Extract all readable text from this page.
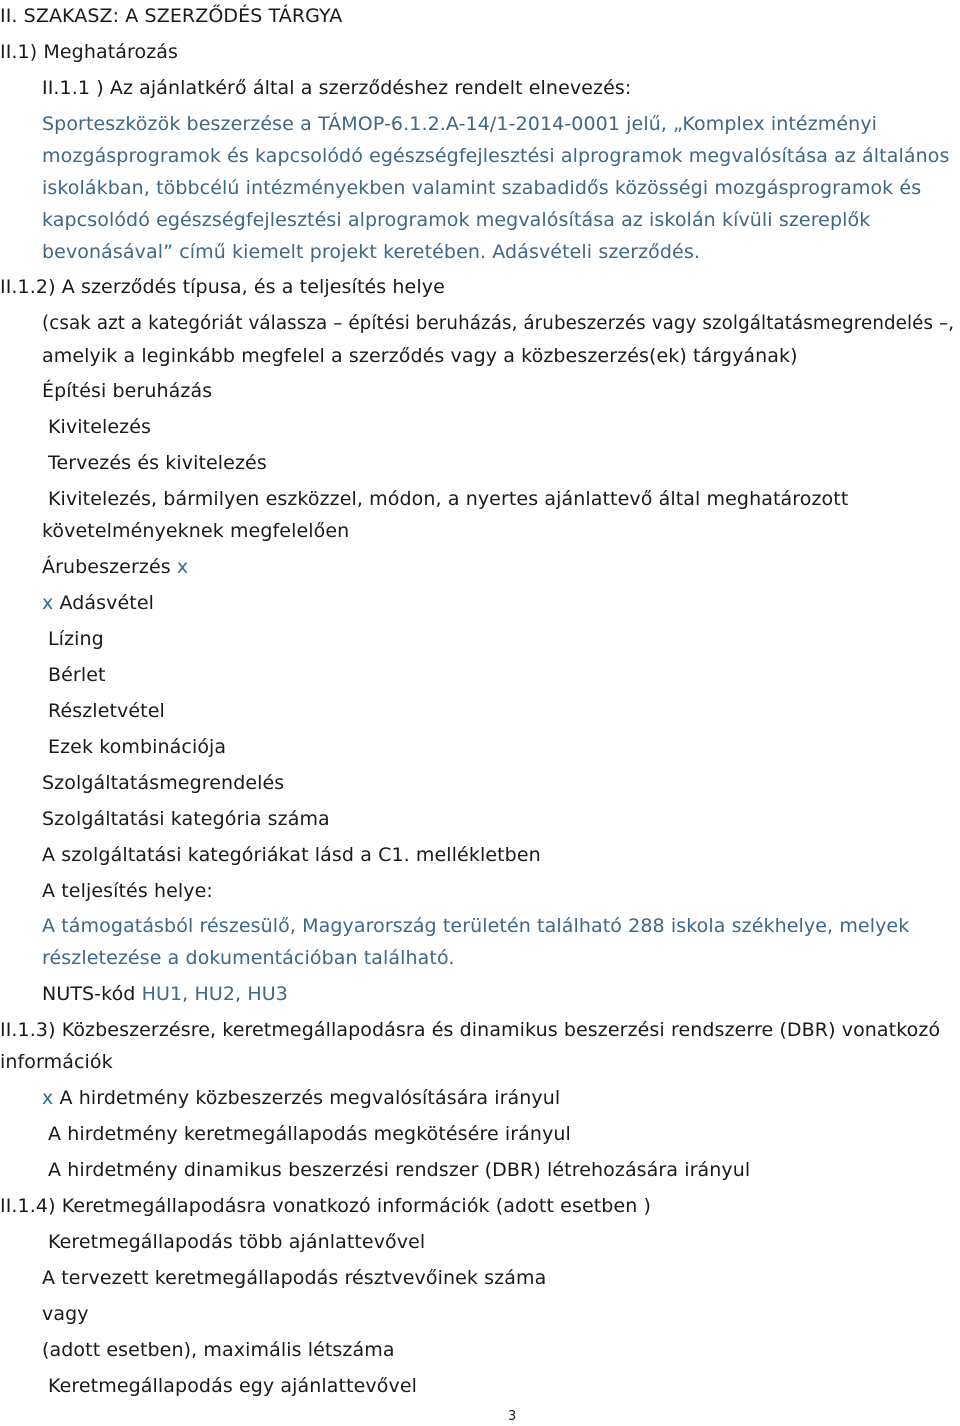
II. SZAKASZ: A SZERZŐDÉS TÁRGYA
II.1) Meghatározás
II.1.1 ) Az ajánlatkérő által a szerződéshez rendelt elnevezés:
Sporteszközök beszerzése a TÁMOP-6.1.2.A-14/1-2014-0001 jelű, „Komplex intézményi
mozgásprogramok és kapcsolódó egészségfejlesztési alprogramok megvalósítása az általános
iskolákban, többcélú intézményekben valamint szabadidős közösségi mozgásprogramok és
kapcsolódó egészségfejlesztési alprogramok megvalósítása az iskolán kívüli szereplők
bevonásával” című kiemelt projekt keretében. Adásvételi szerződés.
II.1.2) A szerződés típusa, és a teljesítés helye
(csak azt a kategóriát válassza – építési beruházás, árubeszerzés vagy szolgáltatásmegrendelés –,
amelyik a leginkább megfelel a szerződés vagy a közbeszerzés(ek) tárgyának)
Építési beruházás
Kivitelezés
Tervezés és kivitelezés
Kivitelezés, bármilyen eszközzel, módon, a nyertes ajánlattevő által meghatározott
követelményeknek megfelelően
Árubeszerzés x
x Adásvétel
Lízing
Bérlet
Részletvétel
Ezek kombinációja
Szolgáltatásmegrendelés
Szolgáltatási kategória száma
A szolgáltatási kategóriákat lásd a C1. mellékletben
A teljesítés helye:
A támogatásból részesülő, Magyarország területén található 288 iskola székhelye, melyek
részletezése a dokumentációban található.
NUTS-kód HU1, HU2, HU3
II.1.3) Közbeszerzésre, keretmegállapodásra és dinamikus beszerzési rendszerre (DBR) vonatkozó
információk
x A hirdetmény közbeszerzés megvalósítására irányul
A hirdetmény keretmegállapodás megkötésére irányul
A hirdetmény dinamikus beszerzési rendszer (DBR) létrehozására irányul
II.1.4) Keretmegállapodásra vonatkozó információk (adott esetben )
Keretmegállapodás több ajánlattevővel
A tervezett keretmegállapodás résztvevőinek száma
vagy
(adott esetben), maximális létszáma
Keretmegállapodás egy ajánlattevővel
3
